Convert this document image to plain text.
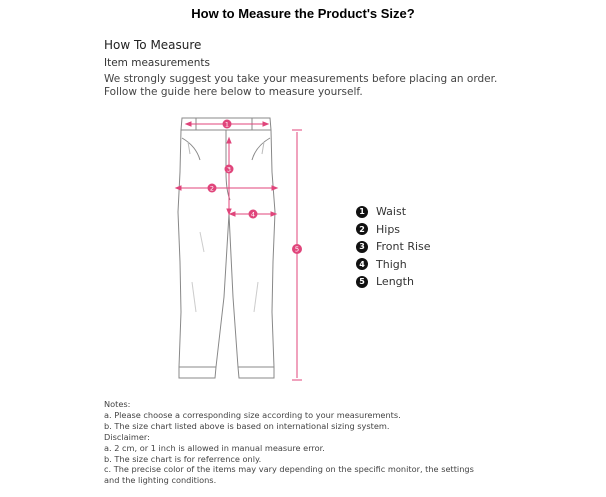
How to Measure the Product's Size?
How To Measure
Item measurements
We strongly suggest you take your measurements before placing an order.
Follow the guide here below to measure yourself.
1
2
3
4
5
1 Waist
2 Hips
3 Front Rise
4 Thigh
5 Length
Notes:
a. Please choose a corresponding size according to your measurements.
b. The size chart listed above is based on international sizing system.
Disclaimer:
a. 2 cm, or 1 inch is allowed in manual measure error.
b. The size chart is for referrence only.
c. The precise color of the items may vary depending on the specific monitor, the settings
and the lighting conditions.
